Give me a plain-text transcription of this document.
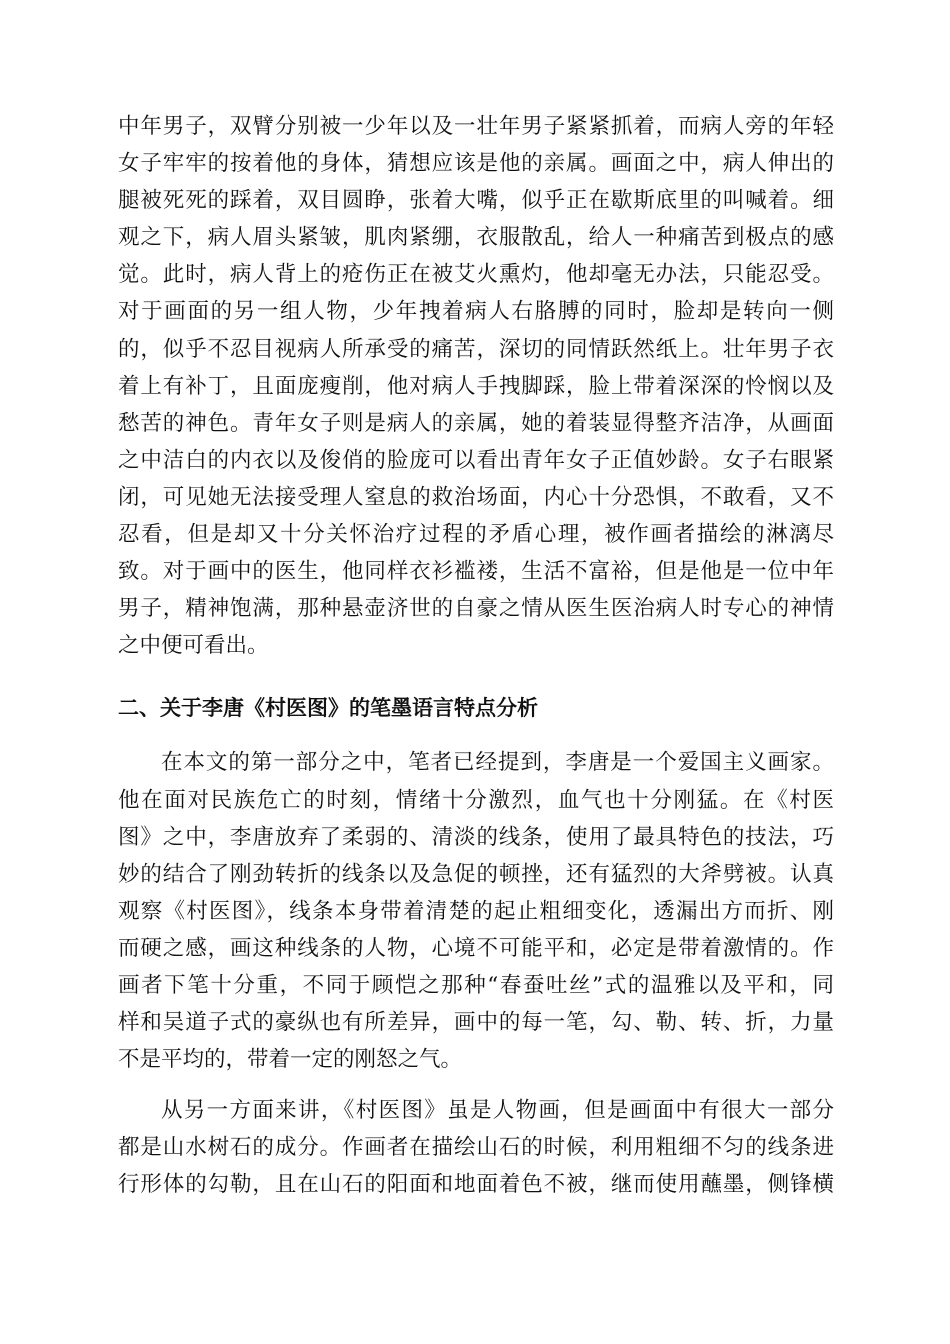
中年男子，双臂分别被一少年以及一壮年男子紧紧抓着，而病人旁的年轻
女子牢牢的按着他的身体，猜想应该是他的亲属。画面之中，病人伸出的
腿被死死的踩着，双目圆睁，张着大嘴，似乎正在歇斯底里的叫喊着。细
观之下，病人眉头紧皱，肌肉紧绷，衣服散乱，给人一种痛苦到极点的感
觉。此时，病人背上的疮伤正在被艾火熏灼，他却毫无办法，只能忍受。
对于画面的另一组人物，少年拽着病人右胳膊的同时，脸却是转向一侧
的，似乎不忍目视病人所承受的痛苦，深切的同情跃然纸上。壮年男子衣
着上有补丁，且面庞瘦削，他对病人手拽脚踩，脸上带着深深的怜悯以及
愁苦的神色。青年女子则是病人的亲属，她的着装显得整齐洁净，从画面
之中洁白的内衣以及俊俏的脸庞可以看出青年女子正值妙龄。女子右眼紧
闭，可见她无法接受理人窒息的救治场面，内心十分恐惧，不敢看，又不
忍看，但是却又十分关怀治疗过程的矛盾心理，被作画者描绘的淋漓尽
致。对于画中的医生，他同样衣衫褴褛，生活不富裕，但是他是一位中年
男子，精神饱满，那种悬壶济世的自豪之情从医生医治病人时专心的神情
之中便可看出。
二、关于李唐《村医图》的笔墨语言特点分析
在本文的第一部分之中，笔者已经提到，李唐是一个爱国主义画家。
他在面对民族危亡的时刻，情绪十分激烈，血气也十分刚猛。在《村医
图》之中，李唐放弃了柔弱的、清淡的线条，使用了最具特色的技法，巧
妙的结合了刚劲转折的线条以及急促的顿挫，还有猛烈的大斧劈被。认真
观察《村医图》，线条本身带着清楚的起止粗细变化，透漏出方而折、刚
而硬之感，画这种线条的人物，心境不可能平和，必定是带着激情的。作
画者下笔十分重，不同于顾恺之那种“春蚕吐丝”式的温雅以及平和，同
样和吴道子式的豪纵也有所差异，画中的每一笔，勾、勒、转、折，力量
不是平均的，带着一定的刚怒之气。
从另一方面来讲，《村医图》虽是人物画，但是画面中有很大一部分
都是山水树石的成分。作画者在描绘山石的时候，利用粗细不匀的线条进
行形体的勾勒，且在山石的阳面和地面着色不被，继而使用蘸墨，侧锋横
